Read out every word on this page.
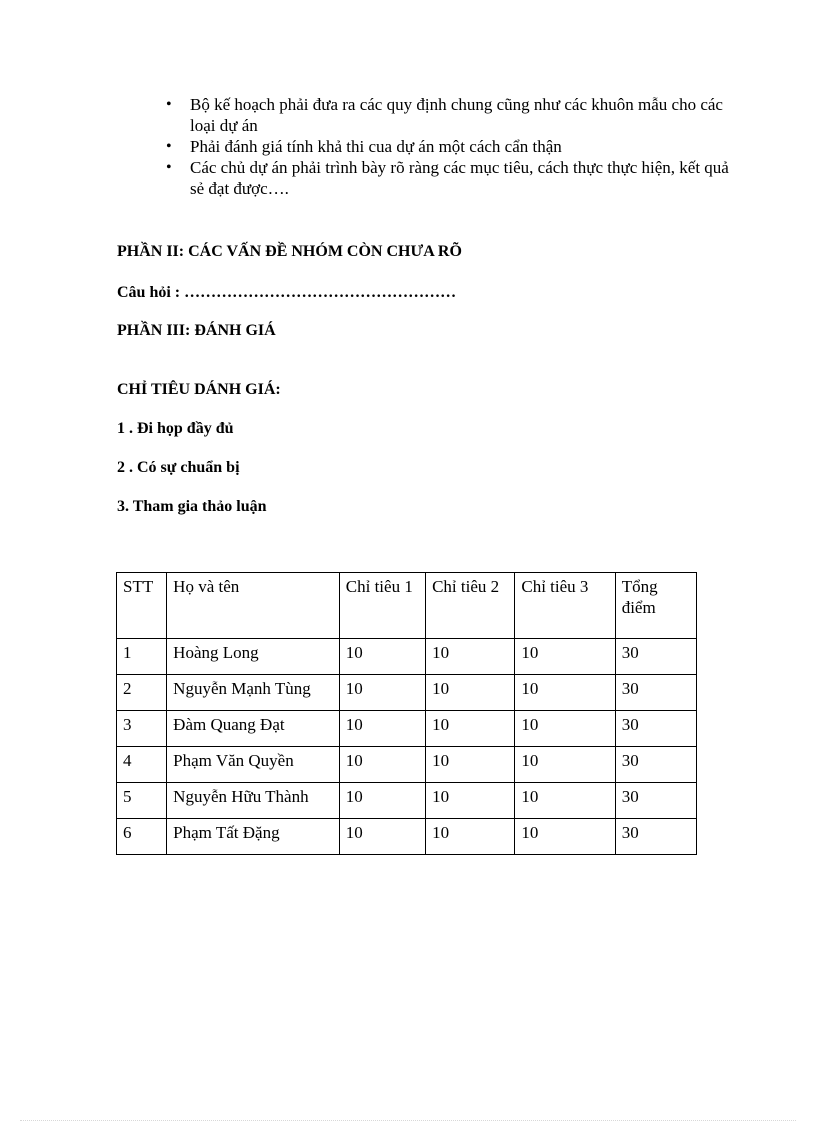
• Bộ kế hoạch phải đưa ra các quy định chung cũng như các khuôn mẫu cho các loại dự án
• Phải đánh giá tính khả thi cua dự án một cách cẩn thận
• Các chủ dự án phải trình bày rõ ràng các mục tiêu, cách thực thực hiện, kết quả sẻ đạt được….

PHẦN II: CÁC VẤN ĐỀ NHÓM CÒN CHƯA RÕ

Câu hỏi : ……………………………………………

PHẦN III: ĐÁNH GIÁ

CHỈ TIÊU DÁNH GIÁ:

1 . Đi họp đầy đủ

2 . Có sự chuẩn bị

3. Tham gia thảo luận

STT	Họ và tên	Chỉ tiêu 1	Chỉ tiêu 2	Chỉ tiêu 3	Tổng điểm
1	Hoàng Long	10	10	10	30
2	Nguyễn Mạnh Tùng	10	10	10	30
3	Đàm Quang Đạt	10	10	10	30
4	Phạm Văn Quyền	10	10	10	30
5	Nguyễn Hữu Thành	10	10	10	30
6	Phạm Tất Đặng	10	10	10	30
